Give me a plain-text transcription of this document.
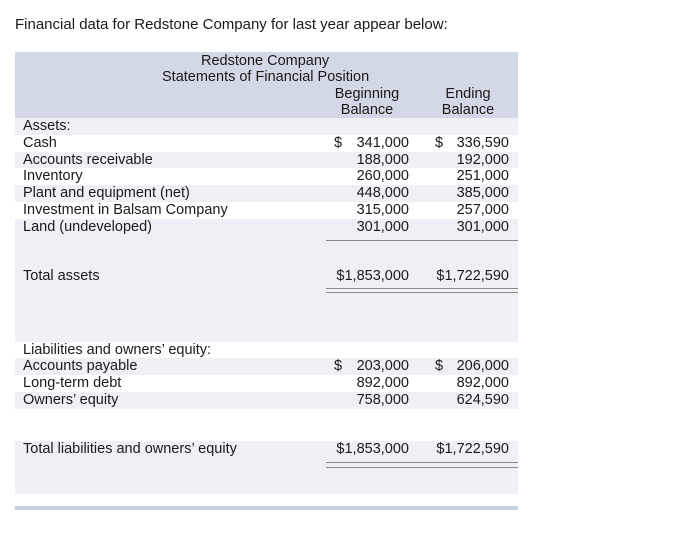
Financial data for Redstone Company for last year appear below:
Redstone Company
Statements of Financial Position
Beginning
Balance
Ending
Balance
Assets:
Cash	$ 341,000 $ 336,590
Accounts receivable	188,000	192,000
Inventory	260,000	251,000
Plant and equipment (net)	448,000	385,000
Investment in Balsam Company	315,000	257,000
Land (undeveloped)	301,000	301,000
Total assets	$1,853,000 $1,722,590
Liabilities and owners’ equity:
Accounts payable	$ 203,000 $ 206,000
Long-term debt	892,000	892,000
Owners’ equity	758,000	624,590
Total liabilities and owners’ equity	$1,853,000 $1,722,590
